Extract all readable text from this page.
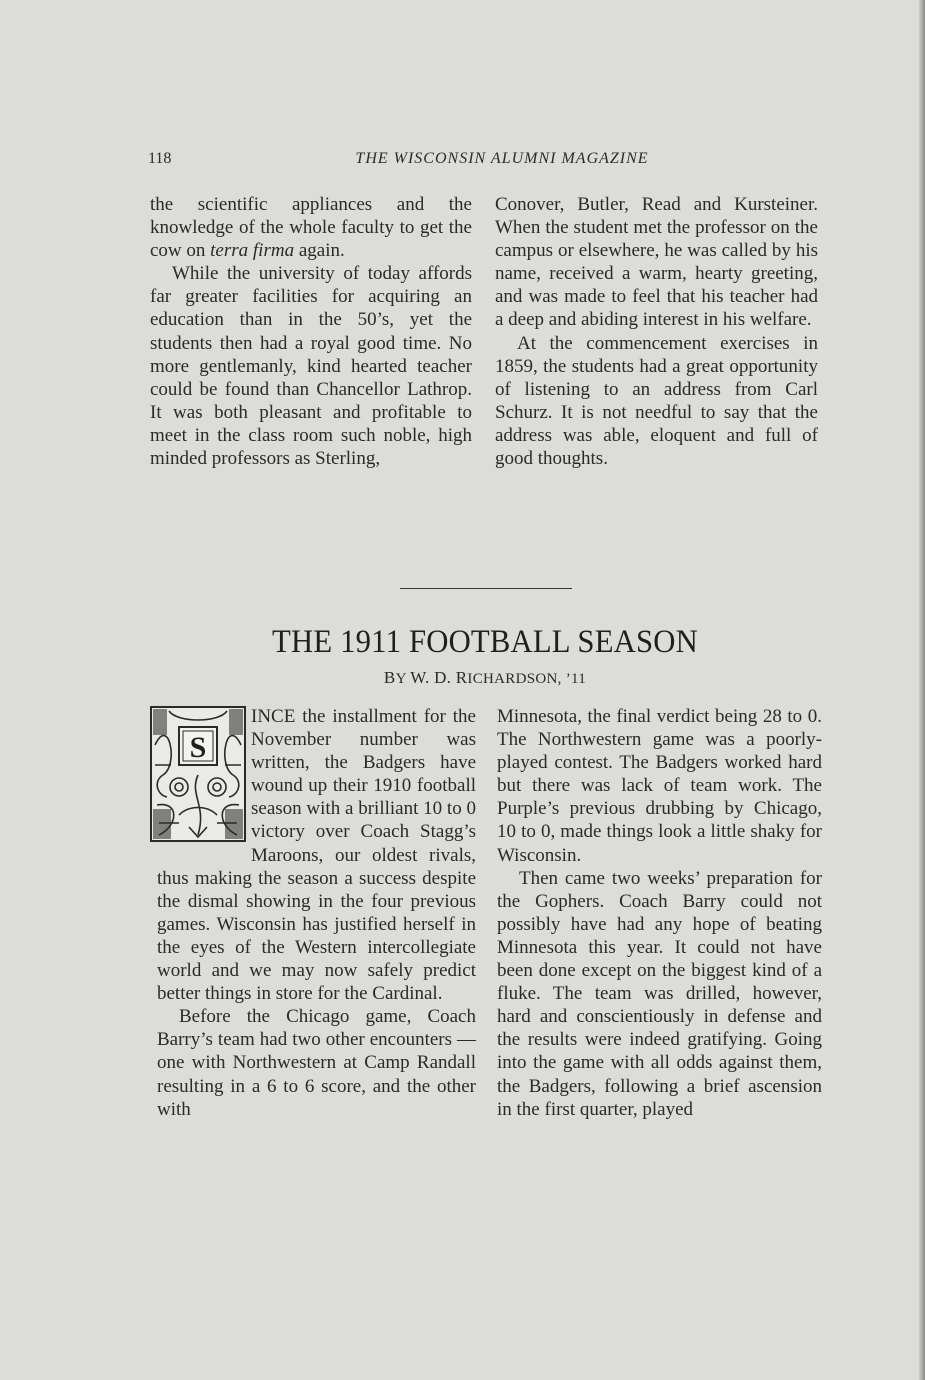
118	THE WISCONSIN ALUMNI MAGAZINE

the scientific appliances and the knowledge of the whole faculty to get the cow on terra firma again.

While the university of today affords far greater facilities for acquiring an education than in the 50’s, yet the students then had a royal good time. No more gentlemanly, kind hearted teacher could be found than Chancellor Lathrop. It was both pleasant and profitable to meet in the class room such noble, high minded professors as Sterling,

Conover, Butler, Read and Kursteiner. When the student met the professor on the campus or elsewhere, he was called by his name, received a warm, hearty greeting, and was made to feel that his teacher had a deep and abiding interest in his welfare.

At the commencement exercises in 1859, the students had a great opportunity of listening to an address from Carl Schurz. It is not needful to say that the address was able, eloquent and full of good thoughts.

THE 1911 FOOTBALL SEASON
BY W. D. RICHARDSON, ’11
S

INCE the installment for the November number was written, the Badgers have wound up their 1910 football season with a brilliant 10 to 0 victory over Coach Stagg’s Maroons, our oldest rivals, thus making the season a success despite the dismal showing in the four previous games. Wisconsin has justified herself in the eyes of the Western intercollegiate world and we may now safely predict better things in store for the Cardinal.

Before the Chicago game, Coach Barry’s team had two other encounters — one with Northwestern at Camp Randall resulting in a 6 to 6 score, and the other with

Minnesota, the final verdict being 28 to 0. The Northwestern game was a poorly-played contest. The Badgers worked hard but there was lack of team work. The Purple’s previous drubbing by Chicago, 10 to 0, made things look a little shaky for Wisconsin.

Then came two weeks’ preparation for the Gophers. Coach Barry could not possibly have had any hope of beating Minnesota this year. It could not have been done except on the biggest kind of a fluke. The team was drilled, however, hard and conscientiously in defense and the results were indeed gratifying. Going into the game with all odds against them, the Badgers, following a brief ascension in the first quarter, played
